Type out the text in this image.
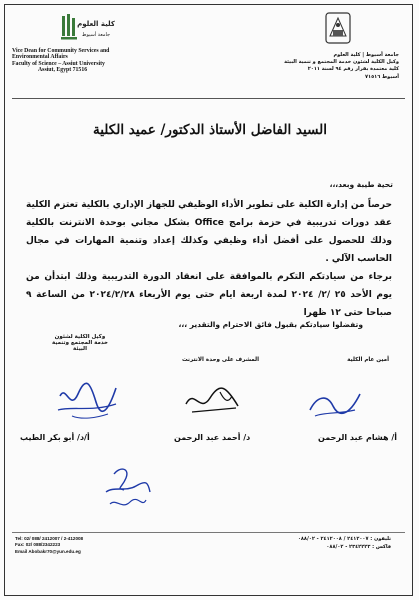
كلية العلوم
جامعة أسيوط
Vice Dean for Community Services and
Environmental Affairs
Faculty of Science – Assiut University
Assiut, Egypt 71516
جامعة أسيوط | كلية العلوم
وكيل الكلية لشئون خدمة المجتمع و تنمية البيئة
كلية معتمدة بقرار رقم ٩٤ لسنة ٢٠١١
أسيوط ٧١٥١٦
السيد الفاضل الأستاذ الدكتور/ عميد الكلية
تحية طيبة وبعد،،،

حرصاً من إدارة الكلية على تطوير الأداء الوظيفي للجهاز الإداري بالكلية تعتزم الكلية عقد دورات تدريبية في حزمة برامج Office بشكل مجاني بوحدة الانترنت بالكلية وذلك للحصول على أفضل أداء وظيفي وكذلك إعداد وتنمية المهارات في مجال الحاسب الآلي .

برجاء من سيادتكم التكرم بالموافقة على انعقاد الدورة التدريبية وذلك ابتدأن من يوم الأحد ٢٥ /٢/ ٢٠٢٤ لمدة اربعة ايام حتى يوم الأربعاء ٢٠٢٤/٢/٢٨ من الساعة ٩ صباحا حتى ١٢ ظهرا

وتفضلوا سيادتكم بقبول فائق الاحترام والتقدير ،،،
وكيل الكلية لشئون خدمة المجتمع وتنمية البيئة
أمين عام الكلية
المشرف على وحدة الانترنت
أ/ هشام عبد الرحمن
د/ أحمد عبد الرحمن
أ/د/ أبو بكر الطيب
Tel: 02/ 088/ 2412007 / 2-412008
Fax: 02/ 088/2342223
Email Abobakr70@yun.edu.eg
تليفون : ٢٤١٢٠٠٧ / ٢٤١٢٠٠٨ - ٠٨٨/٠٢
فاكس : ٢٣٤٢٢٢٣ - ٠٨٨/٠٢
